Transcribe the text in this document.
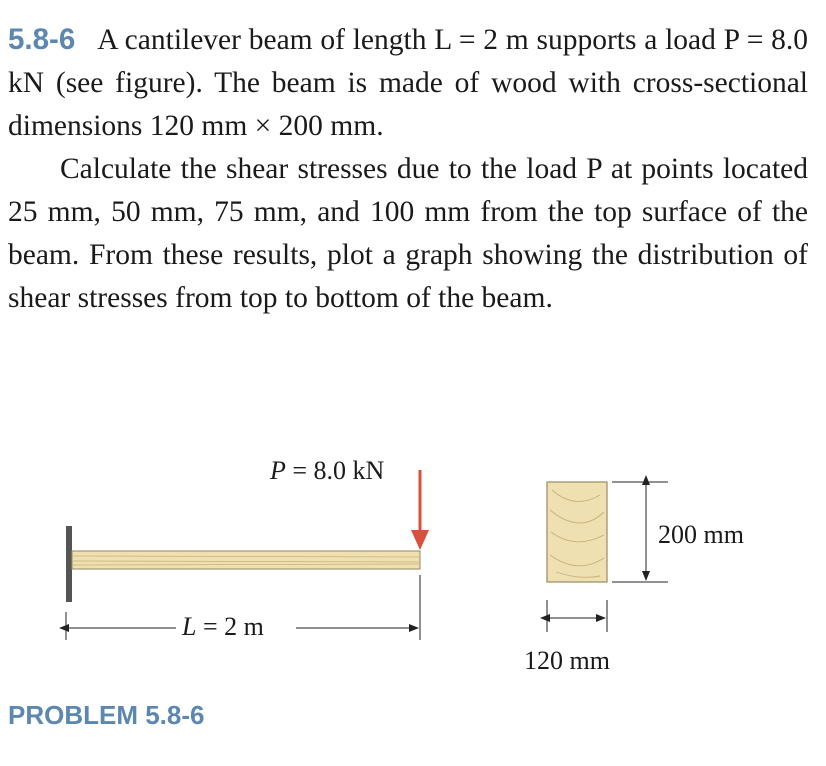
5.8-6 A cantilever beam of length L = 2 m supports a load P = 8.0 kN (see figure). The beam is made of wood with cross-sectional dimensions 120 mm × 200 mm.

Calculate the shear stresses due to the load P at points located 25 mm, 50 mm, 75 mm, and 100 mm from the top surface of the beam. From these results, plot a graph showing the distribution of shear stresses from top to bottom of the beam.

P = 8.0 kN
L = 2 m
200 mm
120 mm
PROBLEM 5.8-6
